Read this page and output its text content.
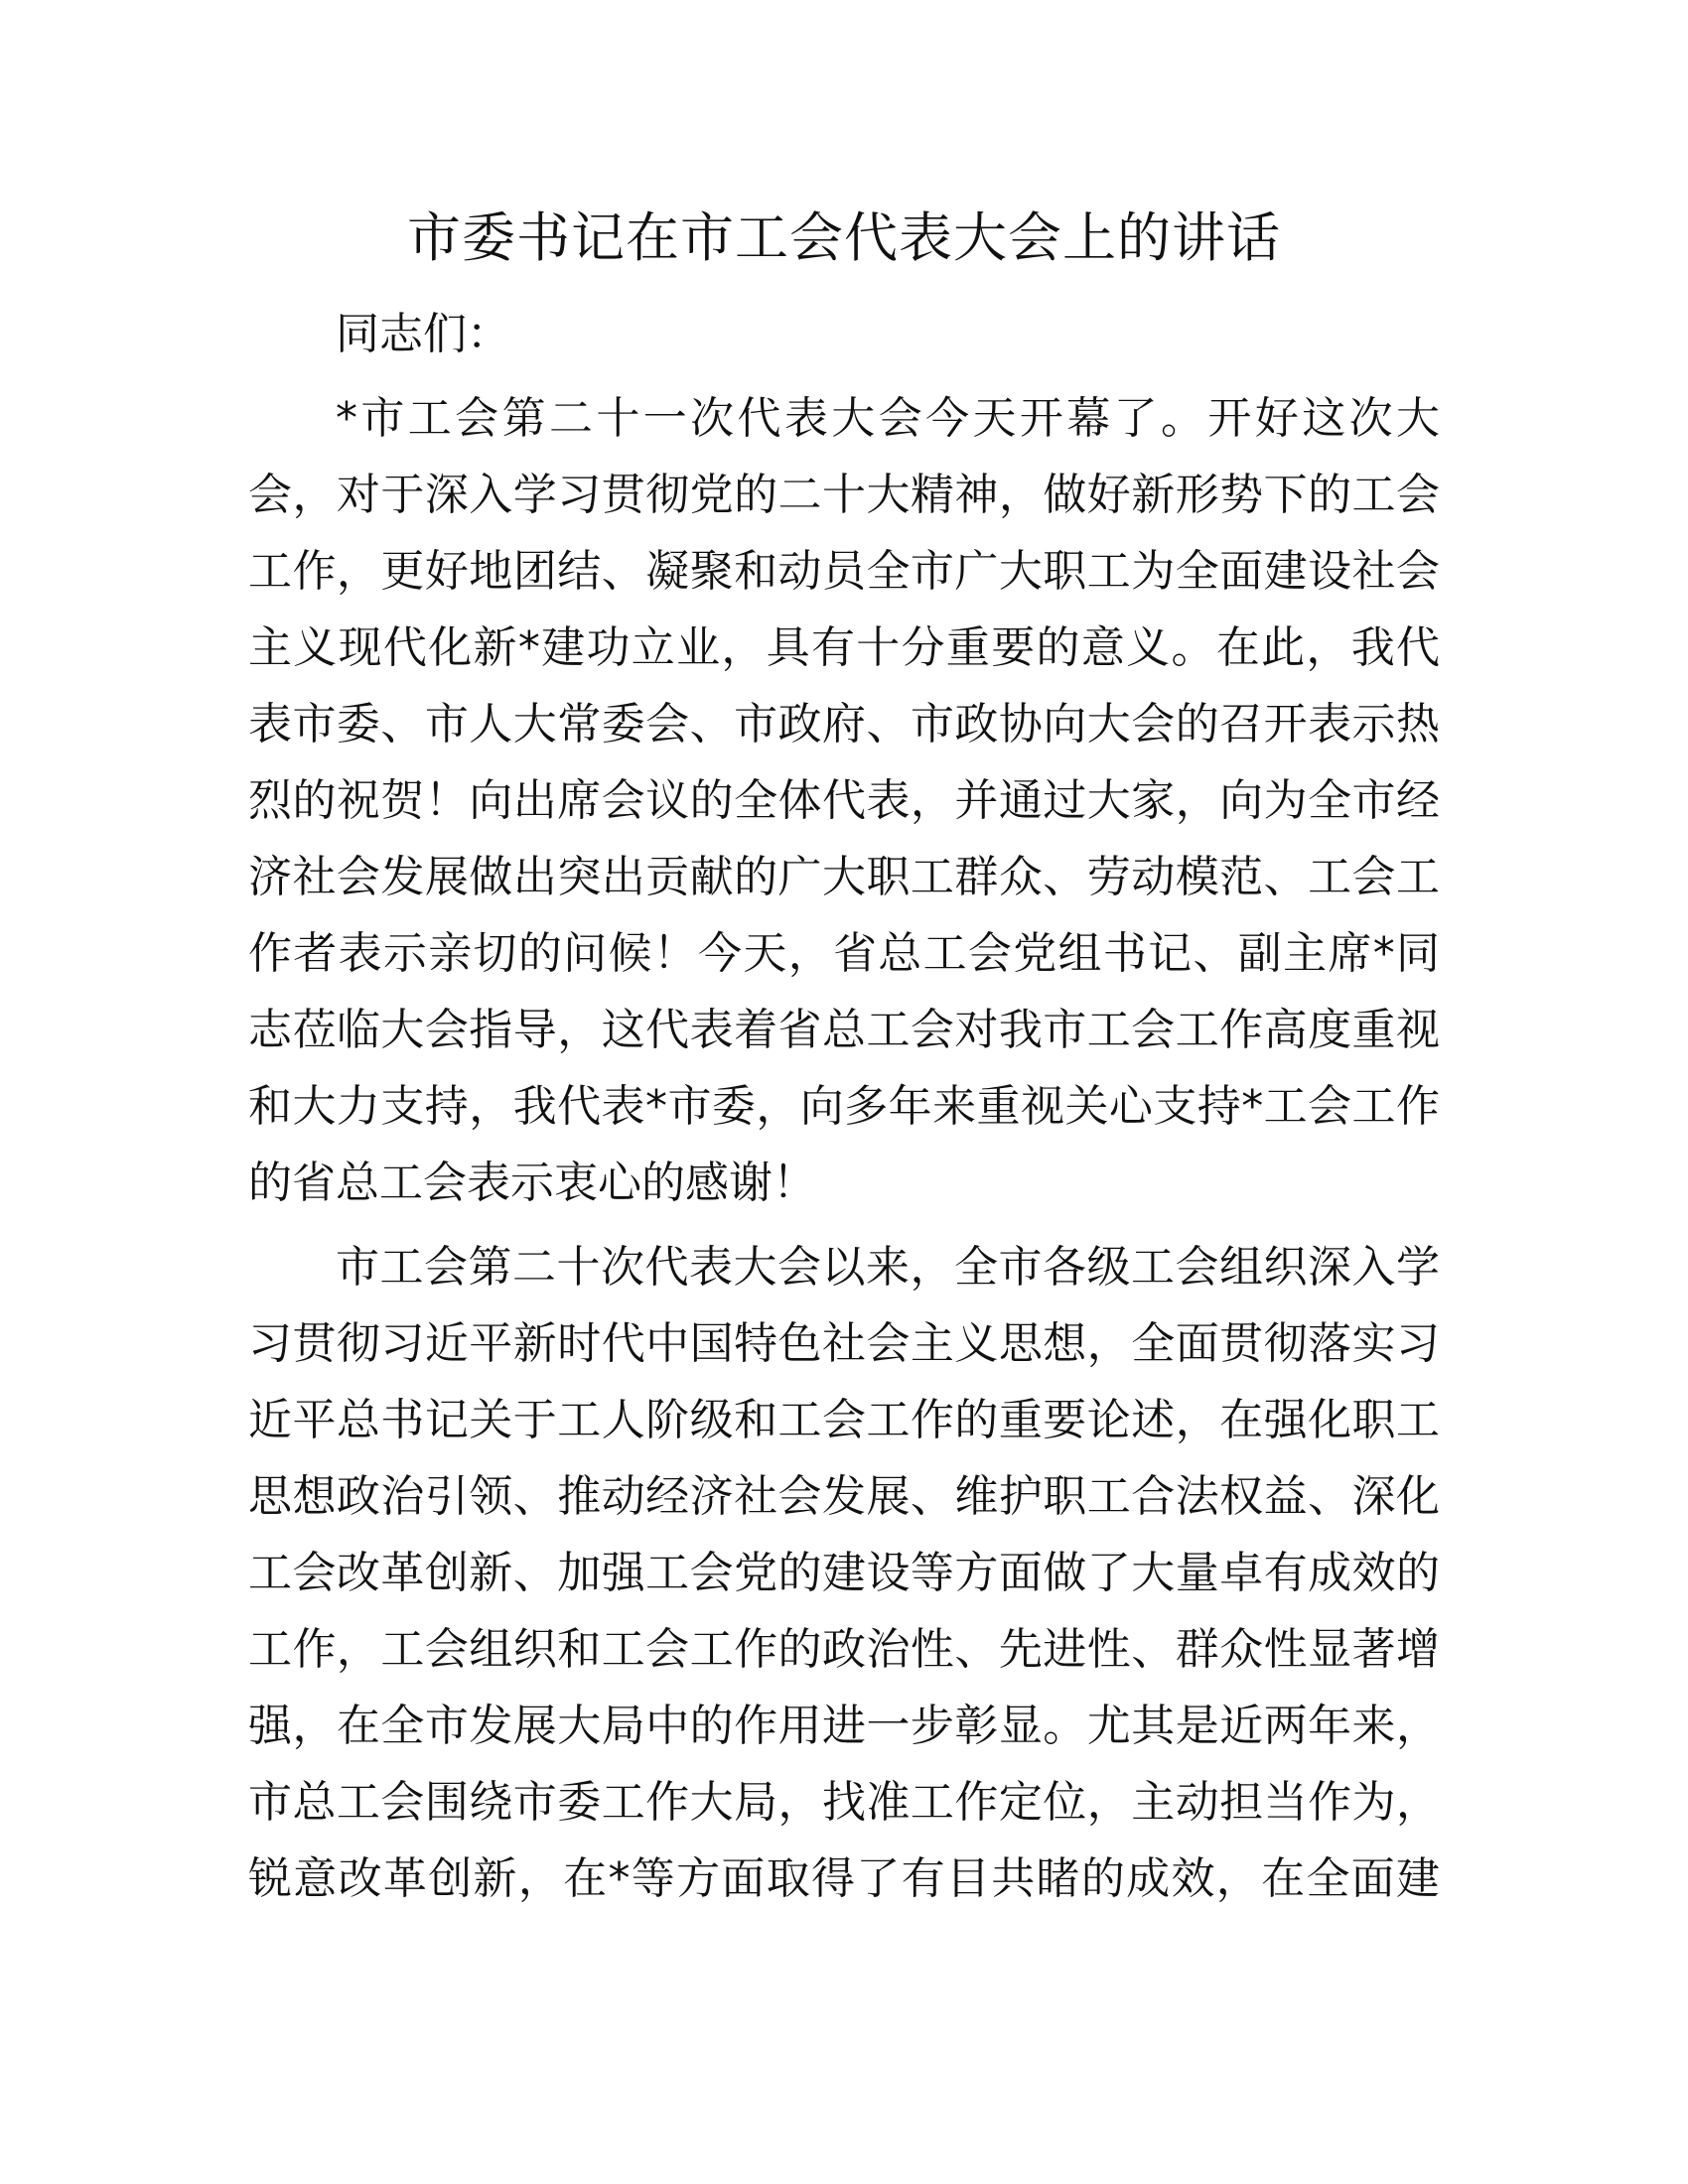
市委书记在市工会代表大会上的讲话
同志们：
*市工会第二十一次代表大会今天开幕了。开好这次大
会，对于深入学习贯彻党的二十大精神，做好新形势下的工会
工作，更好地团结、凝聚和动员全市广大职工为全面建设社会
主义现代化新*建功立业，具有十分重要的意义。在此，我代
表市委、市人大常委会、市政府、市政协向大会的召开表示热
烈的祝贺！向出席会议的全体代表，并通过大家，向为全市经
济社会发展做出突出贡献的广大职工群众、劳动模范、工会工
作者表示亲切的问候！今天，省总工会党组书记、副主席*同
志莅临大会指导，这代表着省总工会对我市工会工作高度重视
和大力支持，我代表*市委，向多年来重视关心支持*工会工作
的省总工会表示衷心的感谢！
市工会第二十次代表大会以来，全市各级工会组织深入学
习贯彻习近平新时代中国特色社会主义思想，全面贯彻落实习
近平总书记关于工人阶级和工会工作的重要论述，在强化职工
思想政治引领、推动经济社会发展、维护职工合法权益、深化
工会改革创新、加强工会党的建设等方面做了大量卓有成效的
工作，工会组织和工会工作的政治性、先进性、群众性显著增
强，在全市发展大局中的作用进一步彰显。尤其是近两年来，
市总工会围绕市委工作大局，找准工作定位，主动担当作为，
锐意改革创新，在*等方面取得了有目共睹的成效，在全面建
